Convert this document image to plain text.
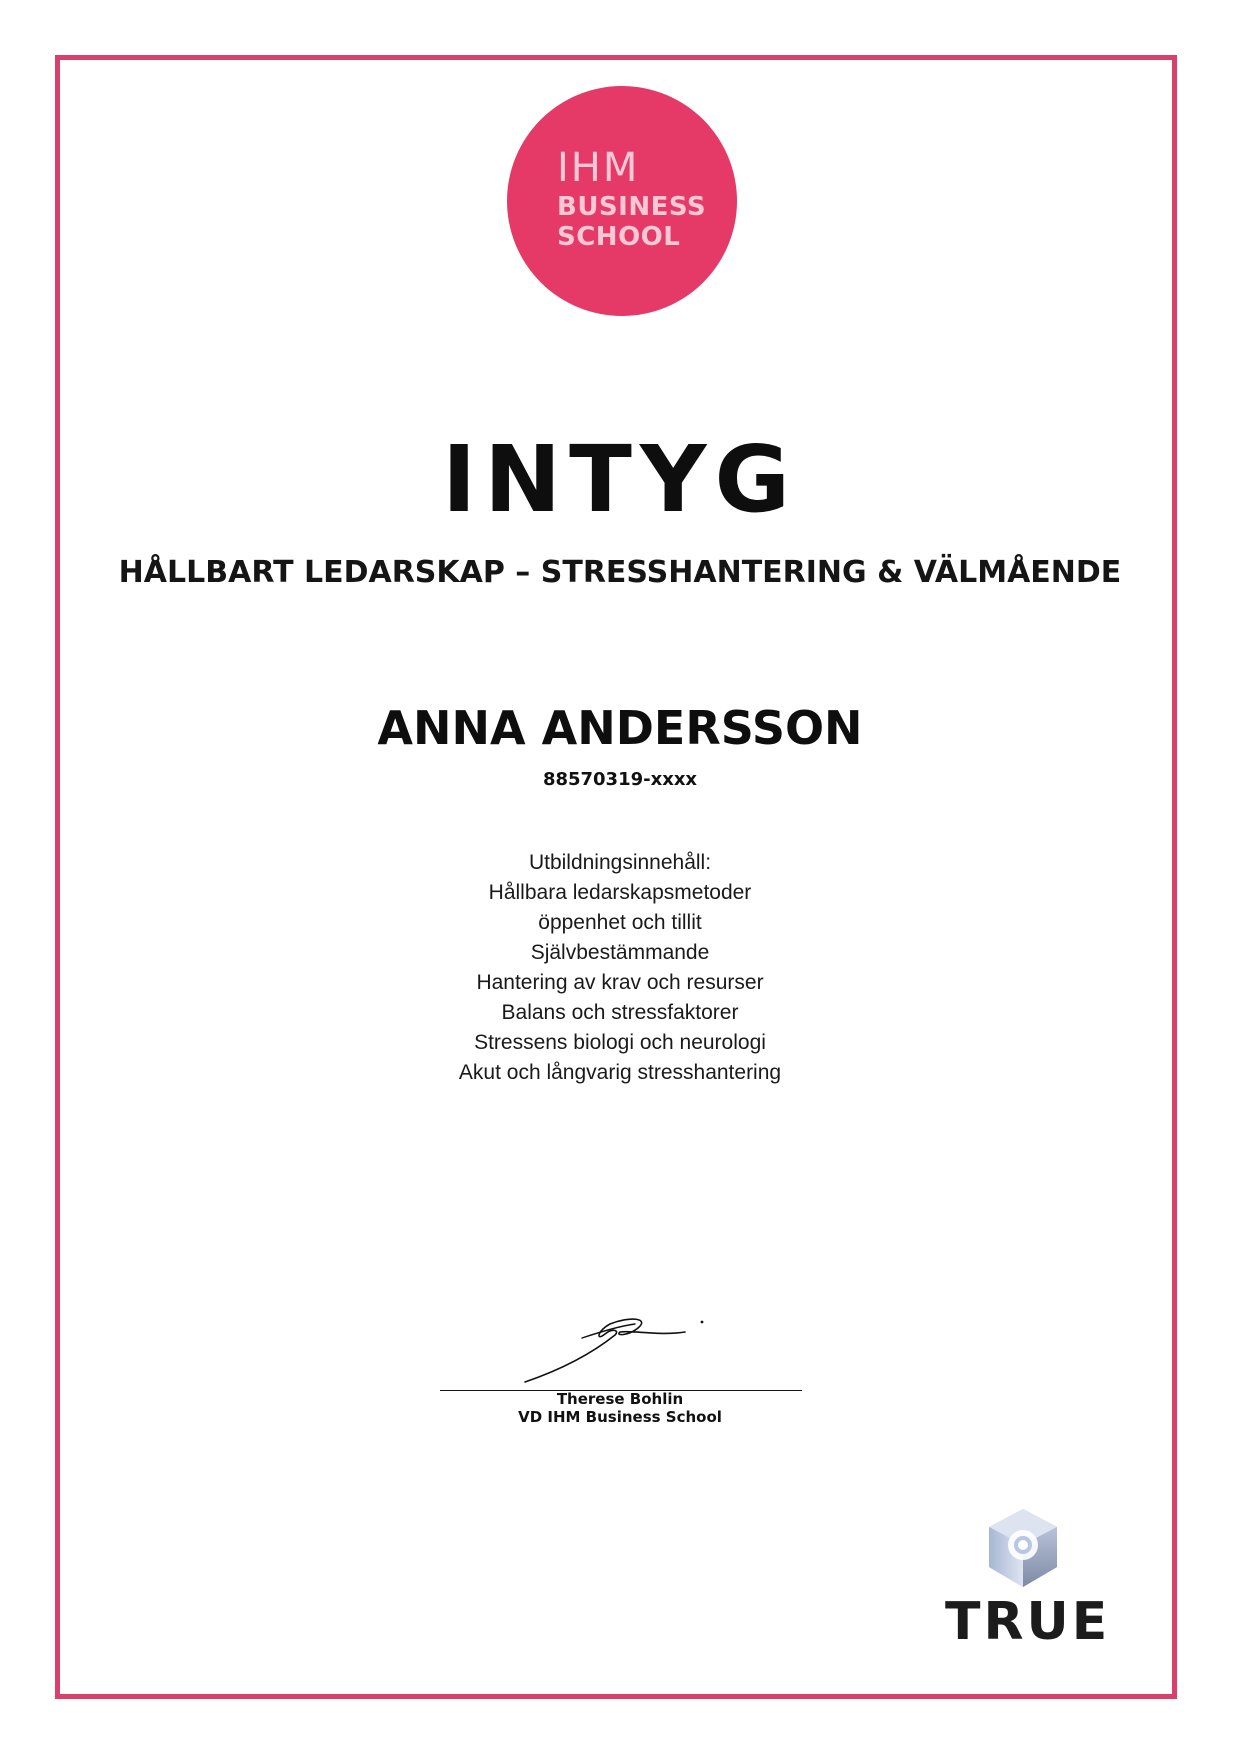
IHM
BUSINESS
SCHOOL
INTYG
HÅLLBART LEDARSKAP – STRESSHANTERING & VÄLMÅENDE
ANNA ANDERSSON
88570319-xxxx
Utbildningsinnehåll:
Hållbara ledarskapsmetoder
öppenhet och tillit
Självbestämmande
Hantering av krav och resurser
Balans och stressfaktorer
Stressens biologi och neurologi
Akut och långvarig stresshantering
Therese Bohlin
VD IHM Business School
TRUE
